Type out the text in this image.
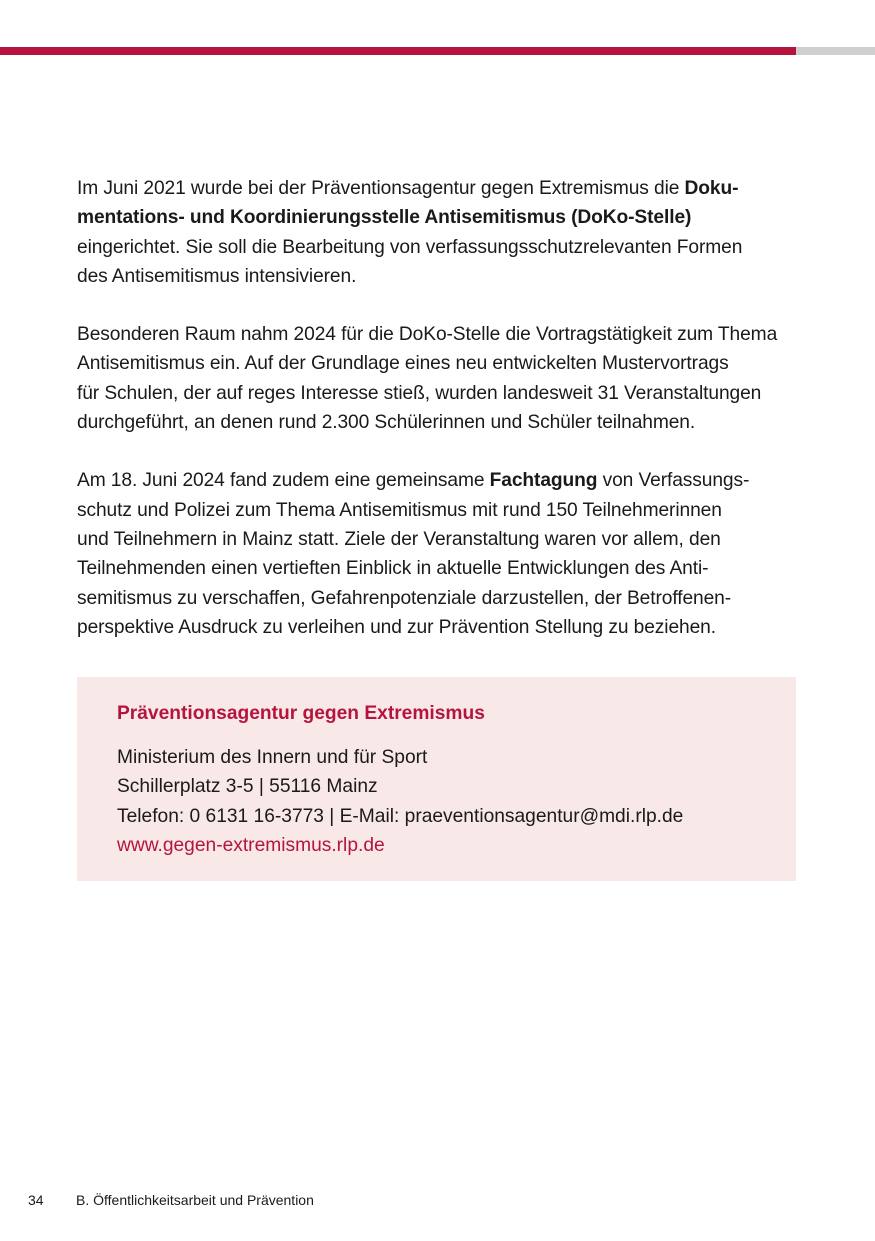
Im Juni 2021 wurde bei der Präventionsagentur gegen Extremismus die Doku-
mentations- und Koordinierungsstelle Antisemitismus (DoKo-Stelle)
eingerichtet. Sie soll die Bearbeitung von verfassungsschutzrelevanten Formen
des Antisemitismus intensivieren.

Besonderen Raum nahm 2024 für die DoKo-Stelle die Vortragstätigkeit zum Thema
Antisemitismus ein. Auf der Grundlage eines neu entwickelten Mustervortrags
für Schulen, der auf reges Interesse stieß, wurden landesweit 31 Veranstaltungen
durchgeführt, an denen rund 2.300 Schülerinnen und Schüler teilnahmen.

Am 18. Juni 2024 fand zudem eine gemeinsame Fachtagung von Verfassungs-
schutz und Polizei zum Thema Antisemitismus mit rund 150 Teilnehmerinnen
und Teilnehmern in Mainz statt. Ziele der Veranstaltung waren vor allem, den
Teilnehmenden einen vertieften Einblick in aktuelle Entwicklungen des Anti-
semitismus zu verschaffen, Gefahrenpotenziale darzustellen, der Betroffenen-
perspektive Ausdruck zu verleihen und zur Prävention Stellung zu beziehen.

Präventionsagentur gegen Extremismus
Ministerium des Innern und für Sport
Schillerplatz 3-5 | 55116 Mainz
Telefon: 0 6131 16-3773 | E-Mail: praeventionsagentur@mdi.rlp.de
www.gegen-extremismus.rlp.de
34 B. Öffentlichkeitsarbeit und Prävention
